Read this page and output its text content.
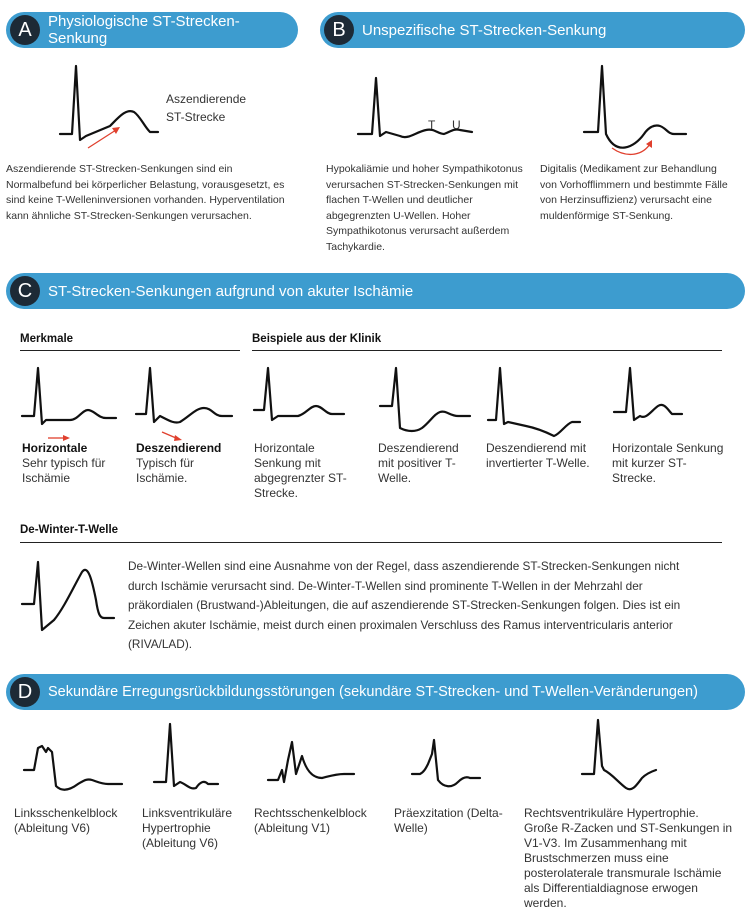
A	Physiologische ST-Strecken-Senkung
Aszendierende
ST-Strecke
Aszendierende ST-Strecken-Senkungen sind ein
Normalbefund bei körperlicher Belastung, vorausgesetzt, es
sind keine T-Welleninversionen vorhanden. Hyperventilation
kann ähnliche ST-Strecken-Senkungen verursachen.
B	Unspezifische ST-Strecken-Senkung
T U
Hypokaliämie und hoher Sympathikotonus
verursachen ST-Strecken-Senkungen mit
flachen T-Wellen und deutlicher
abgegrenzten U-Wellen. Hoher
Sympathikotonus verursacht außerdem
Tachykardie.
Digitalis (Medikament zur Behandlung
von Vorhofflimmern und bestimmte Fälle
von Herzinsuffizienz) verursacht eine
muldenförmige ST-Senkung.
C	ST-Strecken-Senkungen aufgrund von akuter Ischämie
Merkmale	Beispiele aus der Klinik
Horizontale
Sehr typisch für
Ischämie
Deszendierend
Typisch für
Ischämie.
Horizontale
Senkung mit
abgegrenzter ST-
Strecke.
Deszendierend
mit positiver T-
Welle.
Deszendierend mit
invertierter T-Welle.
Horizontale Senkung
mit kurzer ST-
Strecke.
De-Winter-T-Welle
De-Winter-Wellen sind eine Ausnahme von der Regel, dass aszendierende ST-Strecken-Senkungen nicht
durch Ischämie verursacht sind. De-Winter-T-Wellen sind prominente T-Wellen in der Mehrzahl der
präkordialen (Brustwand-)Ableitungen, die auf aszendierende ST-Strecken-Senkungen folgen. Dies ist ein
Zeichen akuter Ischämie, meist durch einen proximalen Verschluss des Ramus interventricularis anterior
(RIVA/LAD).
D	Sekundäre Erregungsrückbildungsstörungen (sekundäre ST-Strecken- und T-Wellen-Veränderungen)
Linksschenkelblock
(Ableitung V6)
Linksventrikuläre
Hypertrophie
(Ableitung V6)
Rechtsschenkelblock
(Ableitung V1)
Präexzitation (Delta-
Welle)
Rechtsventrikuläre Hypertrophie.
Große R-Zacken und ST-Senkungen in
V1-V3. Im Zusammenhang mit
Brustschmerzen muss eine
posterolaterale transmurale Ischämie
als Differentialdiagnose erwogen
werden.
